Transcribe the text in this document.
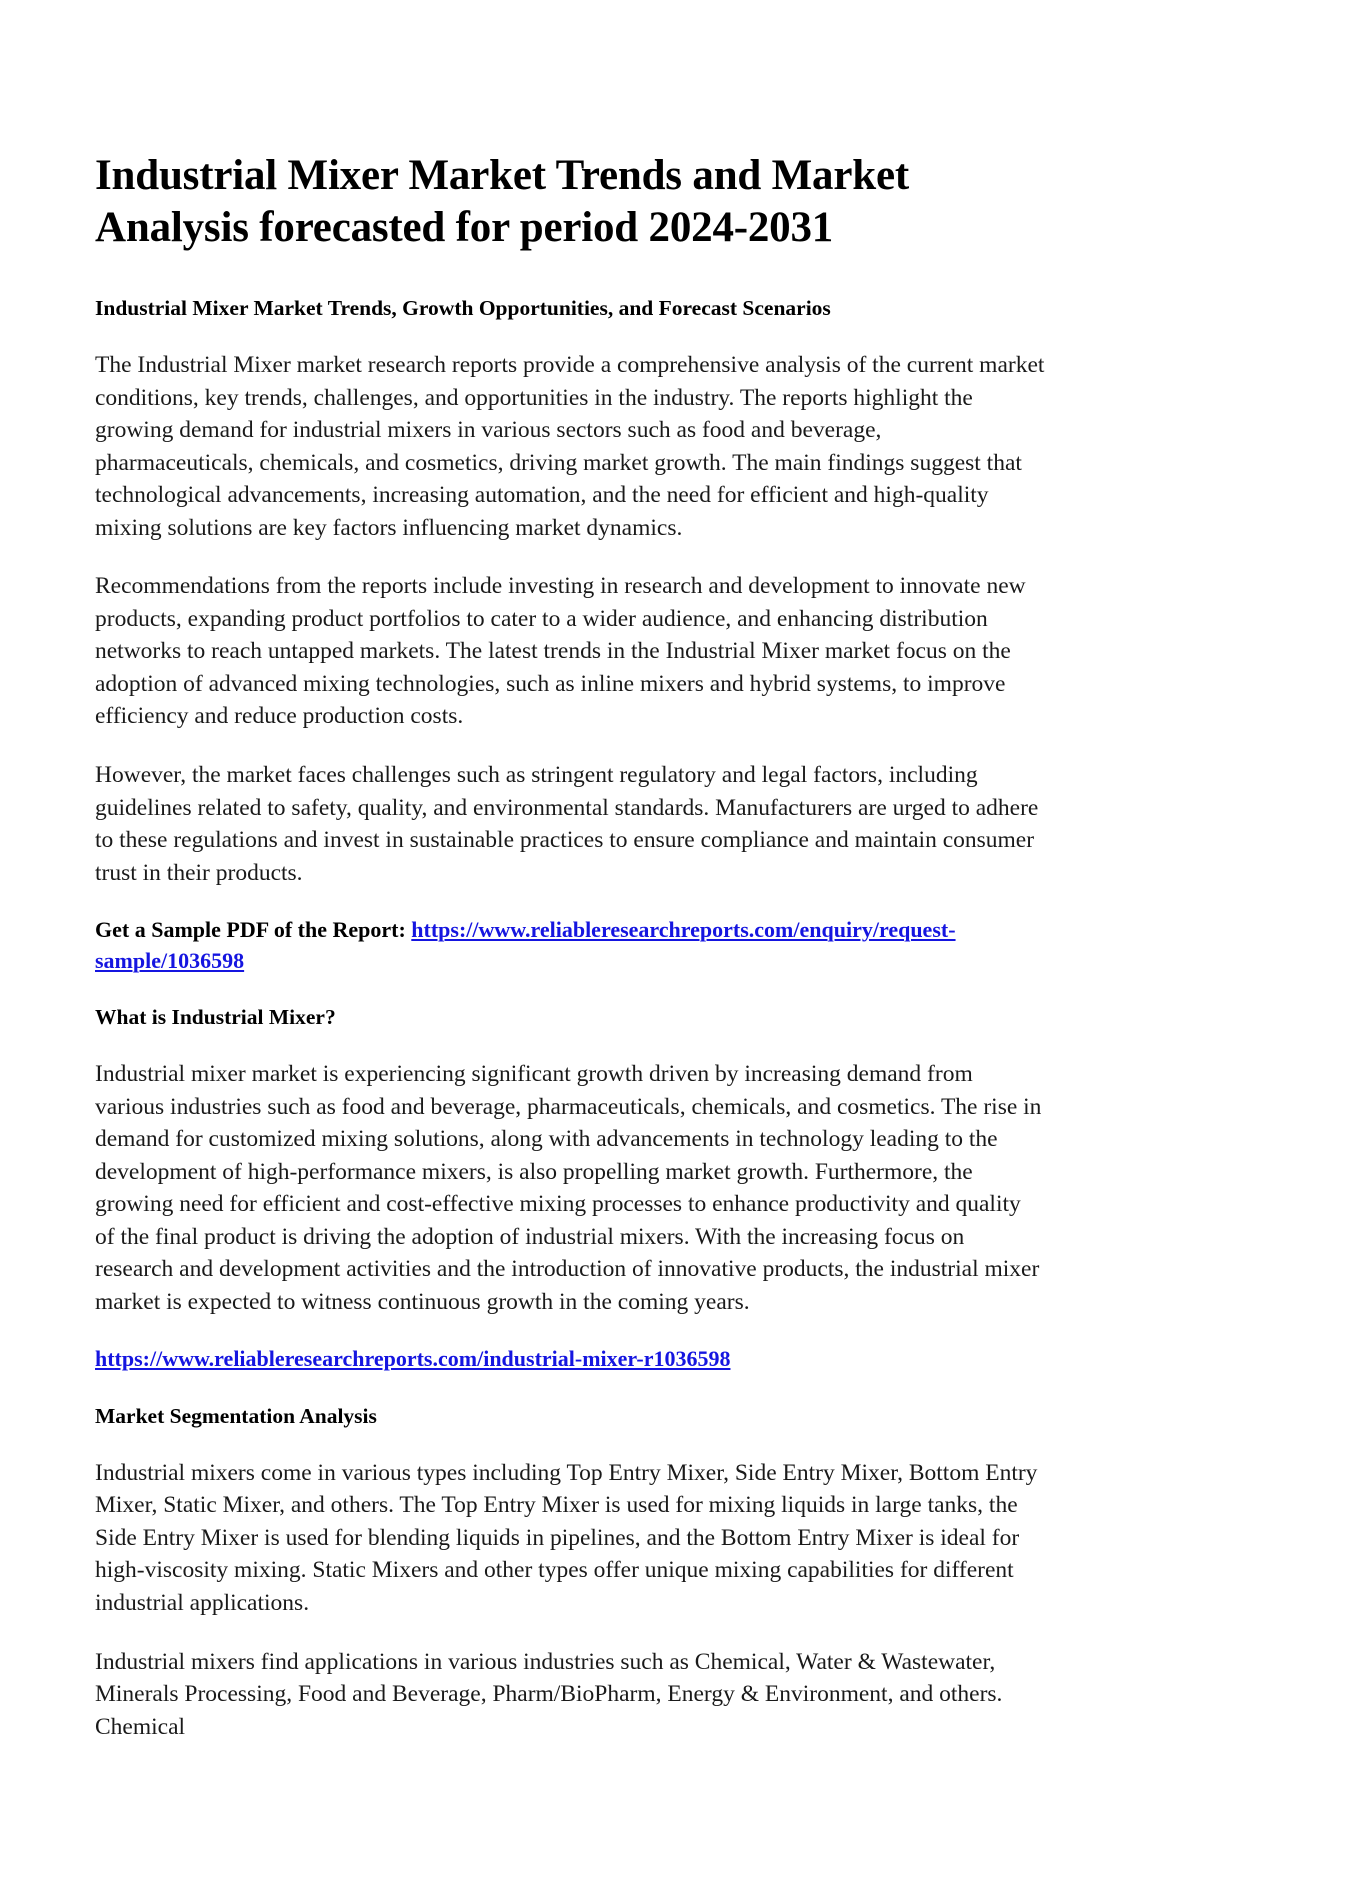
Industrial Mixer Market Trends and Market Analysis forecasted for period 2024-2031
Industrial Mixer Market Trends, Growth Opportunities, and Forecast Scenarios

The Industrial Mixer market research reports provide a comprehensive analysis of the current market conditions, key trends, challenges, and opportunities in the industry. The reports highlight the growing demand for industrial mixers in various sectors such as food and beverage, pharmaceuticals, chemicals, and cosmetics, driving market growth. The main findings suggest that technological advancements, increasing automation, and the need for efficient and high-quality mixing solutions are key factors influencing market dynamics.

Recommendations from the reports include investing in research and development to innovate new products, expanding product portfolios to cater to a wider audience, and enhancing distribution networks to reach untapped markets. The latest trends in the Industrial Mixer market focus on the adoption of advanced mixing technologies, such as inline mixers and hybrid systems, to improve efficiency and reduce production costs.

However, the market faces challenges such as stringent regulatory and legal factors, including guidelines related to safety, quality, and environmental standards. Manufacturers are urged to adhere to these regulations and invest in sustainable practices to ensure compliance and maintain consumer trust in their products.

Get a Sample PDF of the Report: https://www.reliableresearchreports.com/enquiry/request-sample/1036598

What is Industrial Mixer?

Industrial mixer market is experiencing significant growth driven by increasing demand from various industries such as food and beverage, pharmaceuticals, chemicals, and cosmetics. The rise in demand for customized mixing solutions, along with advancements in technology leading to the development of high-performance mixers, is also propelling market growth. Furthermore, the growing need for efficient and cost-effective mixing processes to enhance productivity and quality of the final product is driving the adoption of industrial mixers. With the increasing focus on research and development activities and the introduction of innovative products, the industrial mixer market is expected to witness continuous growth in the coming years.

https://www.reliableresearchreports.com/industrial-mixer-r1036598

Market Segmentation Analysis

Industrial mixers come in various types including Top Entry Mixer, Side Entry Mixer, Bottom Entry Mixer, Static Mixer, and others. The Top Entry Mixer is used for mixing liquids in large tanks, the Side Entry Mixer is used for blending liquids in pipelines, and the Bottom Entry Mixer is ideal for high-viscosity mixing. Static Mixers and other types offer unique mixing capabilities for different industrial applications.

Industrial mixers find applications in various industries such as Chemical, Water & Wastewater, Minerals Processing, Food and Beverage, Pharm/BioPharm, Energy & Environment, and others. Chemical
